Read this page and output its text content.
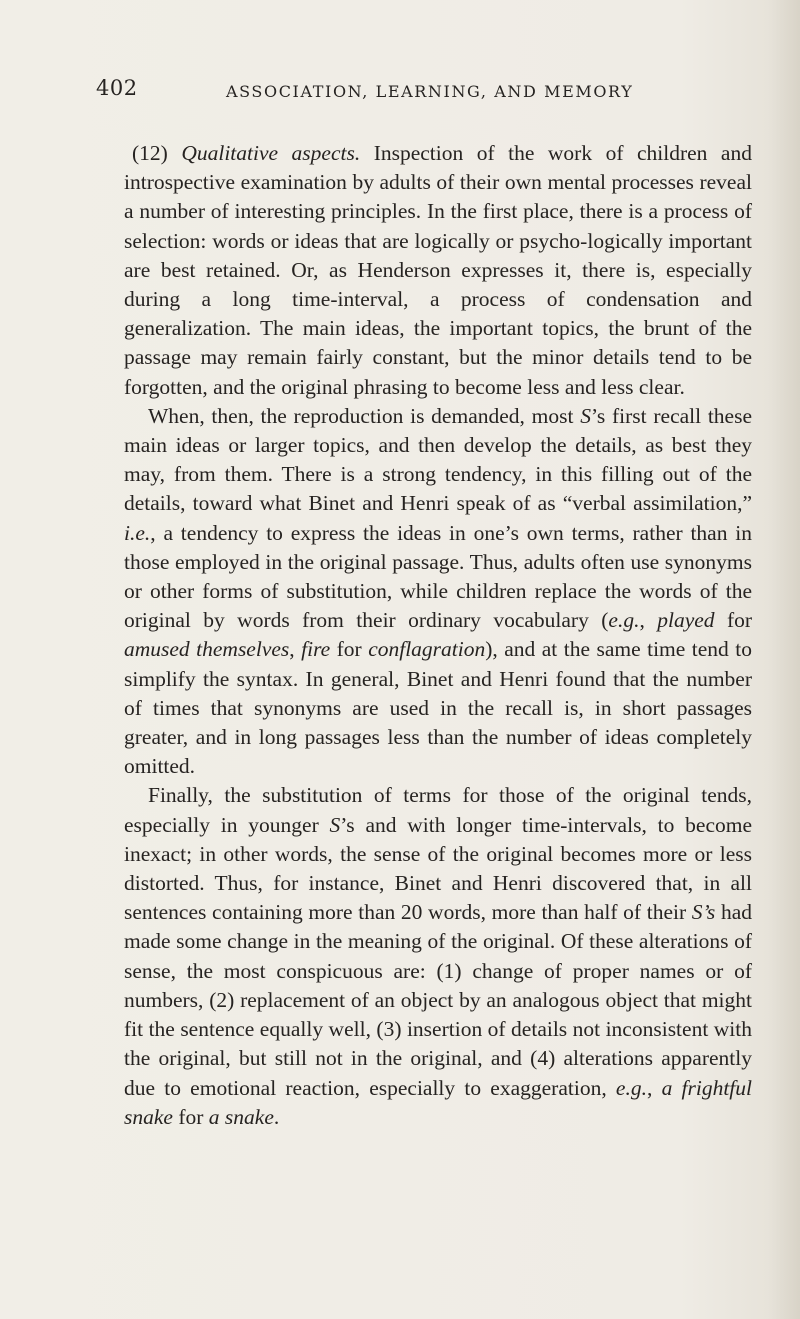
402	ASSOCIATION, LEARNING, AND MEMORY

(12) Qualitative aspects. Inspection of the work of children and introspective examination by adults of their own mental processes reveal a number of interesting principles. In the first place, there is a process of selection: words or ideas that are logically or psycho-logically important are best retained. Or, as Henderson expresses it, there is, especially during a long time-interval, a process of condensation and generalization. The main ideas, the important topics, the brunt of the passage may remain fairly constant, but the minor details tend to be forgotten, and the original phrasing to become less and less clear.

When, then, the reproduction is demanded, most S’s first recall these main ideas or larger topics, and then develop the details, as best they may, from them. There is a strong tendency, in this filling out of the details, toward what Binet and Henri speak of as “verbal assimilation,” i.e., a tendency to express the ideas in one’s own terms, rather than in those employed in the original passage. Thus, adults often use synonyms or other forms of substitution, while children replace the words of the original by words from their ordinary vocabulary (e.g., played for amused themselves, fire for conflagration), and at the same time tend to simplify the syntax. In general, Binet and Henri found that the number of times that synonyms are used in the recall is, in short passages greater, and in long passages less than the number of ideas completely omitted.

Finally, the substitution of terms for those of the original tends, especially in younger S’s and with longer time-intervals, to become inexact; in other words, the sense of the original becomes more or less distorted. Thus, for instance, Binet and Henri discovered that, in all sentences containing more than 20 words, more than half of their S’s had made some change in the meaning of the original. Of these alterations of sense, the most conspicuous are: (1) change of proper names or of numbers, (2) replacement of an object by an analogous object that might fit the sentence equally well, (3) insertion of details not inconsistent with the original, but still not in the original, and (4) alterations apparently due to emotional reaction, especially to exaggeration, e.g., a frightful snake for a snake.
